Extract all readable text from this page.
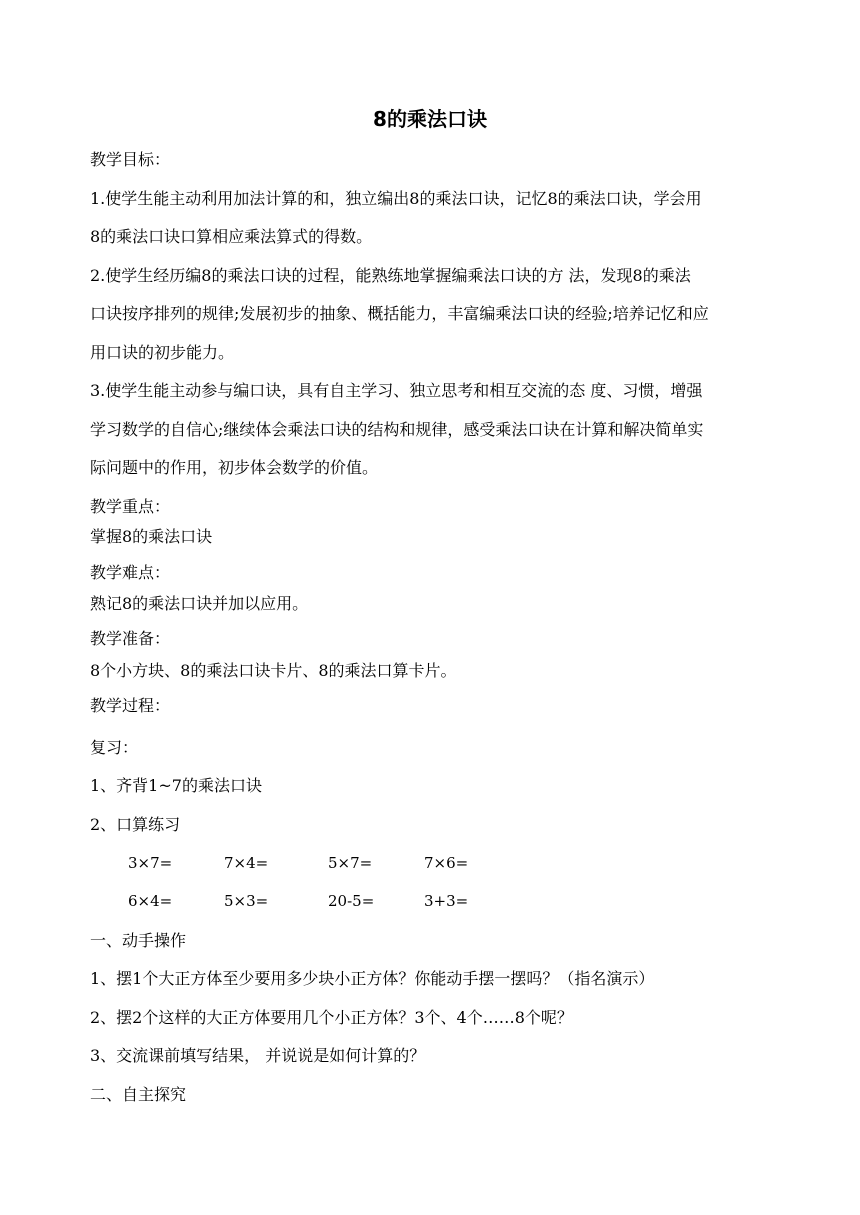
8的乘法口诀
教学目标：
1.使学生能主动利用加法计算的和，独立编出8的乘法口诀，记忆8的乘法口诀，学会用
8的乘法口诀口算相应乘法算式的得数。
2.使学生经历编8的乘法口诀的过程，能熟练地掌握编乘法口诀的方 法，发现8的乘法
口诀按序排列的规律;发展初步的抽象、概括能力，丰富编乘法口诀的经验;培养记忆和应
用口诀的初步能力。
3.使学生能主动参与编口诀，具有自主学习、独立思考和相互交流的态 度、习惯，增强
学习数学的自信心;继续体会乘法口诀的结构和规律，感受乘法口诀在计算和解决简单实
际问题中的作用，初步体会数学的价值。
教学重点：
掌握8的乘法口诀
教学难点：
熟记8的乘法口诀并加以应用。
教学准备：
8个小方块、8的乘法口诀卡片、8的乘法口算卡片。
教学过程：
复习：
1、齐背1~7的乘法口诀
2、口算练习
3×7=	7×4=	5×7=	7×6=
6×4=	5×3=	20-5=	3+3=
一、动手操作
1、摆1个大正方体至少要用多少块小正方体？你能动手摆一摆吗？（指名演示）
2、摆2个这样的大正方体要用几个小正方体？3个、4个……8个呢？
3、交流课前填写结果， 并说说是如何计算的？
二、自主探究
